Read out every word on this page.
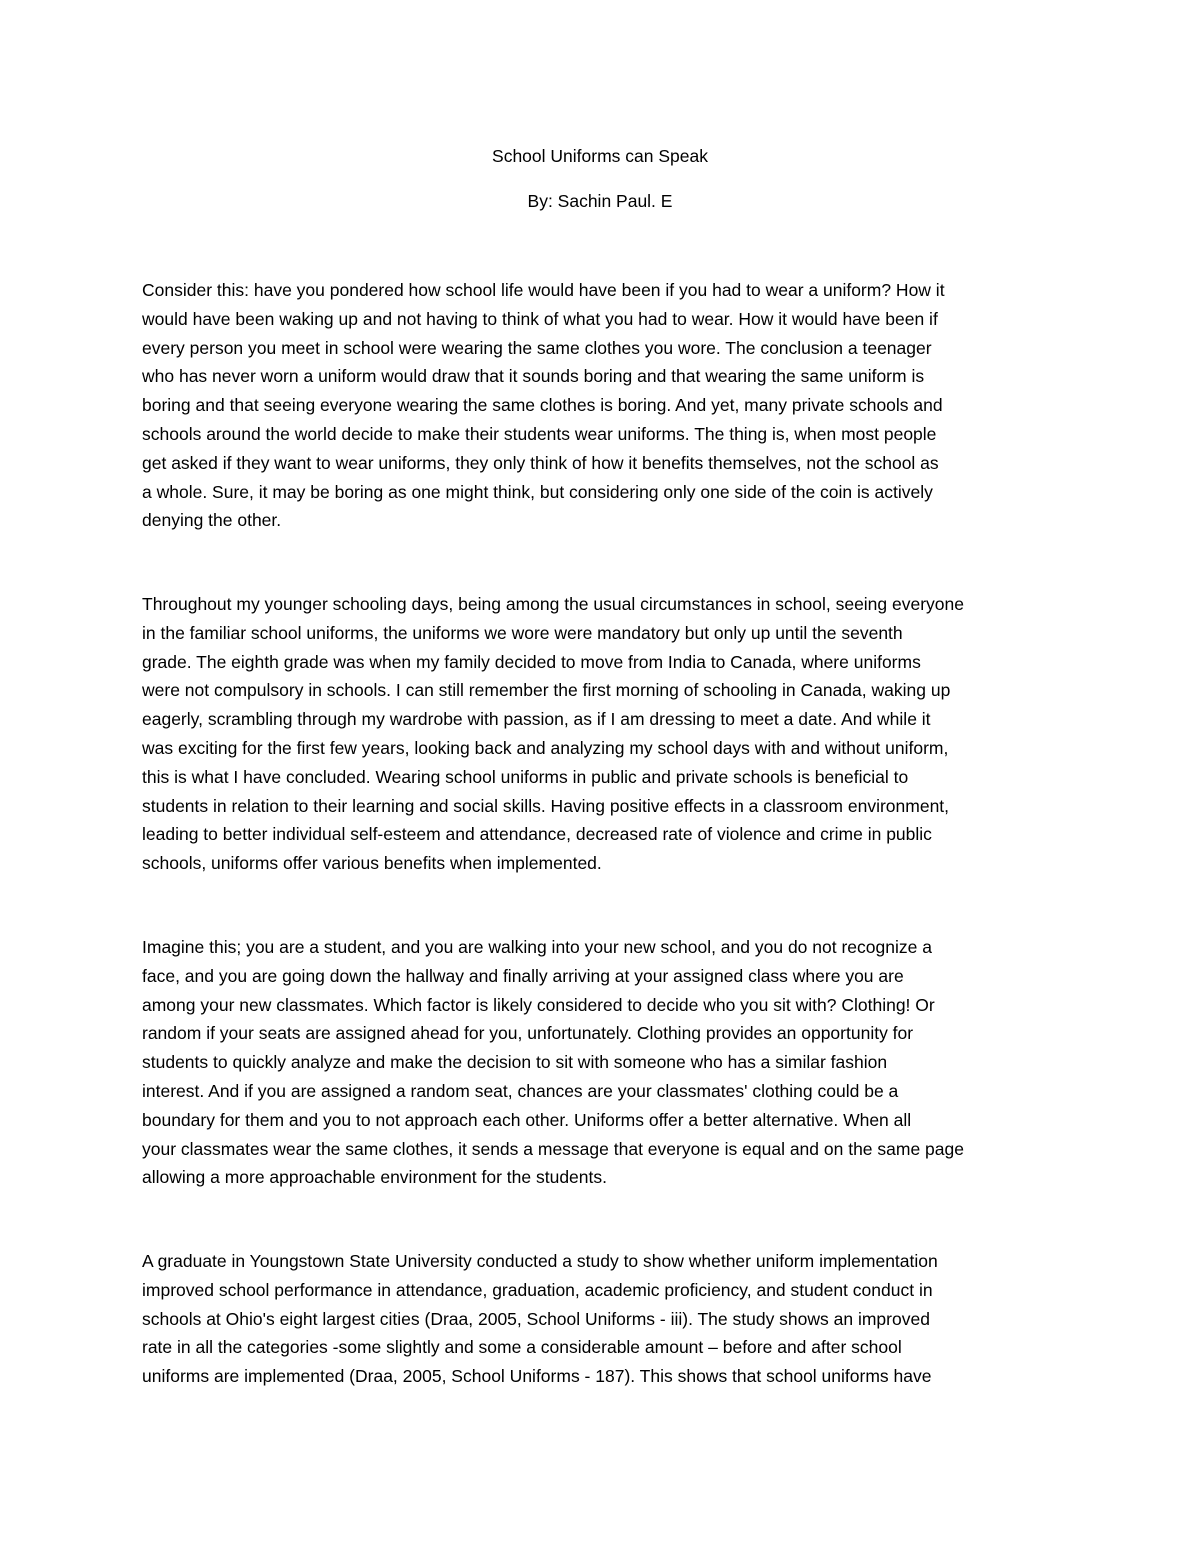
School Uniforms can Speak
By: Sachin Paul. E
Consider this: have you pondered how school life would have been if you had to wear a uniform? How it
would have been waking up and not having to think of what you had to wear. How it would have been if
every person you meet in school were wearing the same clothes you wore. The conclusion a teenager
who has never worn a uniform would draw that it sounds boring and that wearing the same uniform is
boring and that seeing everyone wearing the same clothes is boring. And yet, many private schools and
schools around the world decide to make their students wear uniforms. The thing is, when most people
get asked if they want to wear uniforms, they only think of how it benefits themselves, not the school as
a whole. Sure, it may be boring as one might think, but considering only one side of the coin is actively
denying the other.
Throughout my younger schooling days, being among the usual circumstances in school, seeing everyone
in the familiar school uniforms, the uniforms we wore were mandatory but only up until the seventh
grade. The eighth grade was when my family decided to move from India to Canada, where uniforms
were not compulsory in schools. I can still remember the first morning of schooling in Canada, waking up
eagerly, scrambling through my wardrobe with passion, as if I am dressing to meet a date. And while it
was exciting for the first few years, looking back and analyzing my school days with and without uniform,
this is what I have concluded. Wearing school uniforms in public and private schools is beneficial to
students in relation to their learning and social skills. Having positive effects in a classroom environment,
leading to better individual self-esteem and attendance, decreased rate of violence and crime in public
schools, uniforms offer various benefits when implemented.
Imagine this; you are a student, and you are walking into your new school, and you do not recognize a
face, and you are going down the hallway and finally arriving at your assigned class where you are
among your new classmates. Which factor is likely considered to decide who you sit with? Clothing! Or
random if your seats are assigned ahead for you, unfortunately. Clothing provides an opportunity for
students to quickly analyze and make the decision to sit with someone who has a similar fashion
interest. And if you are assigned a random seat, chances are your classmates' clothing could be a
boundary for them and you to not approach each other. Uniforms offer a better alternative. When all
your classmates wear the same clothes, it sends a message that everyone is equal and on the same page
allowing a more approachable environment for the students.
A graduate in Youngstown State University conducted a study to show whether uniform implementation
improved school performance in attendance, graduation, academic proficiency, and student conduct in
schools at Ohio's eight largest cities (Draa, 2005, School Uniforms - iii). The study shows an improved
rate in all the categories -some slightly and some a considerable amount – before and after school
uniforms are implemented (Draa, 2005, School Uniforms - 187). This shows that school uniforms have
